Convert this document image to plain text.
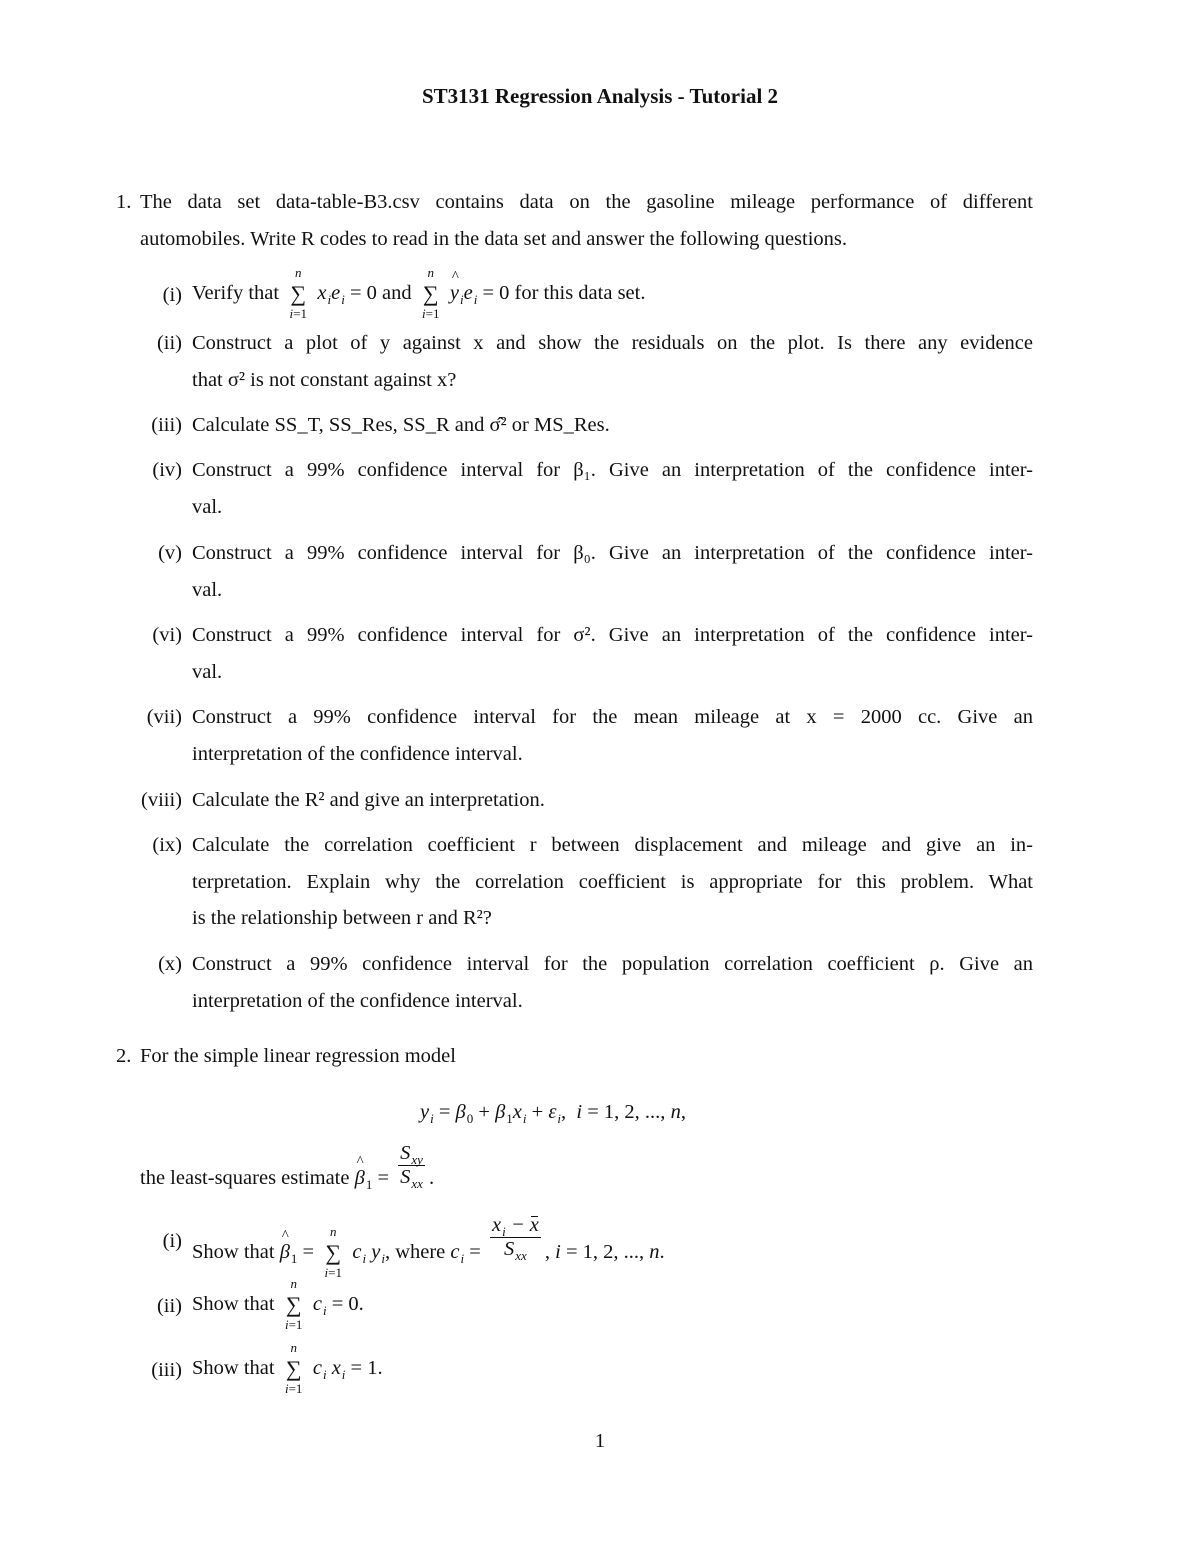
ST3131 Regression Analysis - Tutorial 2
1. The data set data-table-B3.csv contains data on the gasoline mileage performance of different
automobiles. Write R codes to read in the data set and answer the following questions.
(i) Verify that
n
∑
i=1
$x_ie_i = 0$ and
n
∑
i=1
^ $y_ie_i = 0$ for this data set.
(ii) Construct a plot of y against x and show the residuals on the plot. Is there any evidence
that σ² is not constant against x?
(iii) Calculate SS_T, SS_Res, SS_R and σ̂² or MS_Res.
(iv) Construct a 99% confidence interval for β₁. Give an interpretation of the confidence inter-
val.
(v) Construct a 99% confidence interval for β₀. Give an interpretation of the confidence inter-
val.
(vi) Construct a 99% confidence interval for σ². Give an interpretation of the confidence inter-
val.
(vii) Construct a 99% confidence interval for the mean mileage at x = 2000 cc. Give an
interpretation of the confidence interval.
(viii) Calculate the R² and give an interpretation.
(ix) Calculate the correlation coefficient r between displacement and mileage and give an in-
terpretation. Explain why the correlation coefficient is appropriate for this problem. What
is the relationship between r and R²?
(x) Construct a 99% confidence interval for the population correlation coefficient ρ. Give an
interpretation of the confidence interval.
2. For the simple linear regression model
$y_i = \beta_0 + \beta_1x_i + \varepsilon_i$,  i = 1, 2, ..., n,
the least-squares estimate ^ $\beta_1 = \frac{S_{xy}}{S_{xx}}$ .
(i) Show that ^ $\beta_1$ =
n
∑
i=1
$c_i$ $y_i$, where $c_i = \frac{x_i - x}{S_{xx}}$ , i = 1, 2, ..., n.
(ii) Show that
n
∑
i=1
$c_i = 0$.
(iii) Show that
n
∑
i=1
$c_i$ $x_i = 1$.
1
